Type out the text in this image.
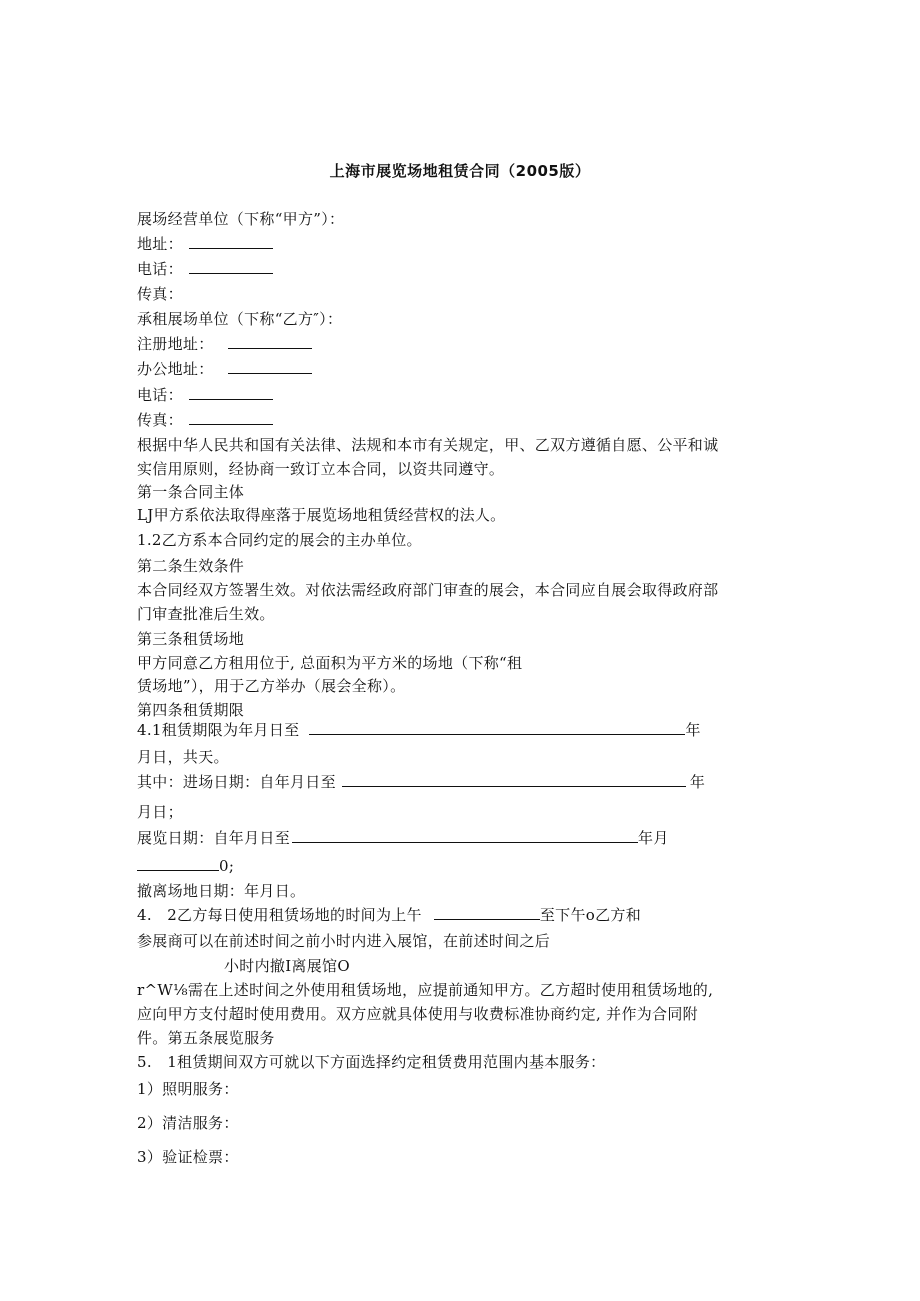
上海市展览场地租赁合同（2005版）
展场经营单位（下称“甲方”）：
地址：
电话：
传真：
承租展场单位（下称“乙方″）：
注册地址：
办公地址：
电话：
传真：
根据中华人民共和国有关法律、法规和本市有关规定，甲、乙双方遵循自愿、公平和诚
实信用原则，经协商一致订立本合同，以资共同遵守。
第一条合同主体
LJ甲方系依法取得座落于展览场地租赁经营权的法人。
1.2乙方系本合同约定的展会的主办单位。
第二条生效条件
本合同经双方签署生效。对依法需经政府部门审查的展会，本合同应自展会取得政府部
门审查批准后生效。
第三条租赁场地
甲方同意乙方租用位于, 总面积为平方米的场地（下称“租
赁场地”），用于乙方举办（展会全称）。
第四条租赁期限
4.1租赁期限为年月日至	年
月日，共天。
其中：进场日期：自年月日至	年
月日；
展览日期：自年月日至	年月
0;
撤离场地日期：年月日。
4.　2乙方每日使用租赁场地的时间为上午	至下午o乙方和
参展商可以在前述时间之前小时内进入展馆，在前述时间之后
小时内撤I离展馆O
r^W⅛需在上述时间之外使用租赁场地，应提前通知甲方。乙方超时使用租赁场地的,
应向甲方支付超时使用费用。双方应就具体使用与收费标准协商约定, 并作为合同附
件。第五条展览服务
5.　1租赁期间双方可就以下方面选择约定租赁费用范围内基本服务：
1）照明服务：
2）清洁服务：
3）验证检票：
